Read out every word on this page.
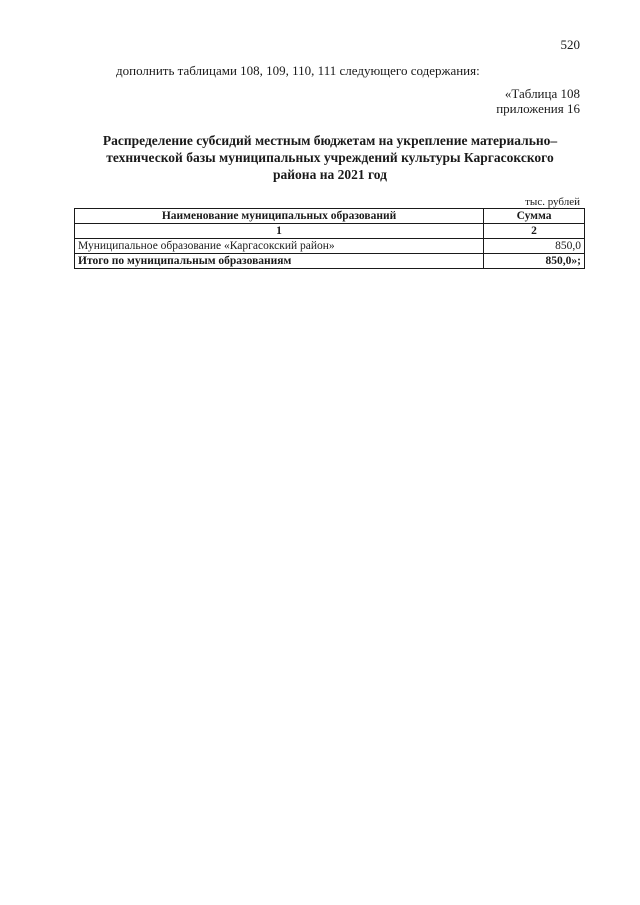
520
дополнить таблицами 108, 109, 110, 111 следующего содержания:
«Таблица 108
приложения 16
Распределение субсидий местным бюджетам на укрепление материально–
технической базы муниципальных учреждений культуры Каргасокского
района на 2021 год
тыс. рублей
Наименование муниципальных образований	Сумма
1	2
Муниципальное образование «Каргасокский район»	850,0
Итого по муниципальным образованиям	850,0»;
